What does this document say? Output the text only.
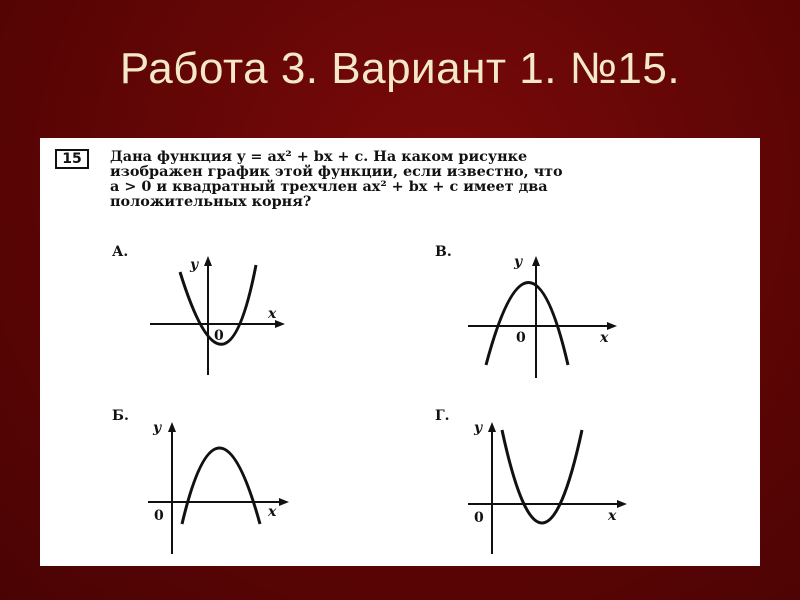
Работа 3. Вариант 1. №15.
15	Дана функция y = ax² + bx + c. На каком рисунке
изображен график этой функции, если известно, что
a > 0 и квадратный трехчлен ax² + bx + c имеет два
положительных корня?
А.
y
x
0
Б.
y
x
0
В.
y
x
0
Г.
y
x
0
